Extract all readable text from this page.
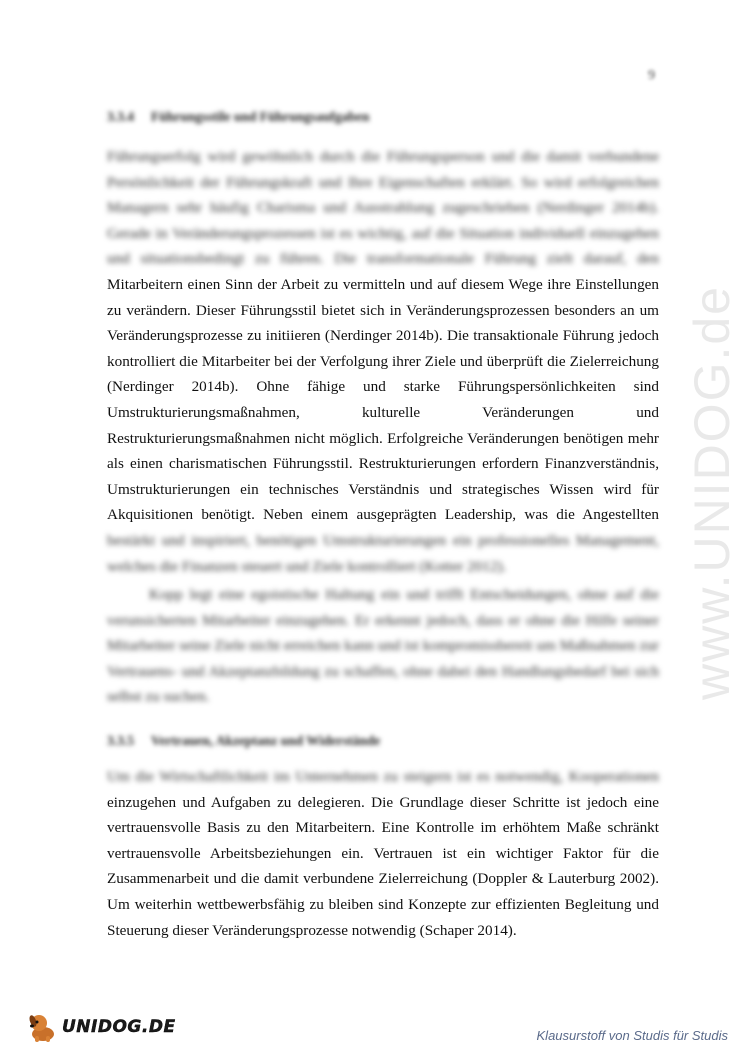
9
www.UNIDOG.de
3.3.4 Führungsstile und Führungsaufgaben
Führungserfolg wird gewöhnlich durch die Führungsperson und die damit verbundene
Persönlichkeit der Führungskraft und Ihre Eigenschaften erklärt. So wird erfolgreichen
Managern sehr häufig Charisma und Ausstrahlung zugeschrieben (Nerdinger 2014b).
Gerade in Veränderungsprozessen ist es wichtig, auf die Situation individuell einzugehen
und situationsbedingt zu führen. Die transformationale Führung zielt darauf, den
Mitarbeitern einen Sinn der Arbeit zu vermitteln und auf diesem Wege ihre Einstellungen
zu verändern. Dieser Führungsstil bietet sich in Veränderungsprozessen besonders an um
Veränderungsprozesse zu initiieren (Nerdinger 2014b). Die transaktionale Führung jedoch
kontrolliert die Mitarbeiter bei der Verfolgung ihrer Ziele und überprüft die Zielerreichung
(Nerdinger 2014b). Ohne fähige und starke Führungspersönlichkeiten sind
Umstrukturierungsmaßnahmen, kulturelle Veränderungen und
Restrukturierungsmaßnahmen nicht möglich. Erfolgreiche Veränderungen benötigen mehr
als einen charismatischen Führungsstil. Restrukturierungen erfordern Finanzverständnis,
Umstrukturierungen ein technisches Verständnis und strategisches Wissen wird für
Akquisitionen benötigt. Neben einem ausgeprägten Leadership, was die Angestellten
bestärkt und inspiriert, benötigen Umstrukturierungen ein professionelles Management,
welches die Finanzen steuert und Ziele kontrolliert (Kotter 2012).
Kopp legt eine egoistische Haltung ein und trifft Entscheidungen, ohne auf die
verunsicherten Mitarbeiter einzugehen. Er erkennt jedoch, dass er ohne die Hilfe seiner
Mitarbeiter seine Ziele nicht erreichen kann und ist kompromissbereit um Maßnahmen zur
Vertrauens- und Akzeptanzbildung zu schaffen, ohne dabei den Handlungsbedarf bei sich
selbst zu suchen.
3.3.5 Vertrauen, Akzeptanz und Widerstände
Um die Wirtschaftlichkeit im Unternehmen zu steigern ist es notwendig, Kooperationen
einzugehen und Aufgaben zu delegieren. Die Grundlage dieser Schritte ist jedoch eine
vertrauensvolle Basis zu den Mitarbeitern. Eine Kontrolle im erhöhtem Maße schränkt
vertrauensvolle Arbeitsbeziehungen ein. Vertrauen ist ein wichtiger Faktor für die
Zusammenarbeit und die damit verbundene Zielerreichung (Doppler & Lauterburg 2002).
Um weiterhin wettbewerbsfähig zu bleiben sind Konzepte zur effizienten Begleitung und
Steuerung dieser Veränderungsprozesse notwendig (Schaper 2014).
UNIDOG.DE	Klausurstoff von Studis für Studis
